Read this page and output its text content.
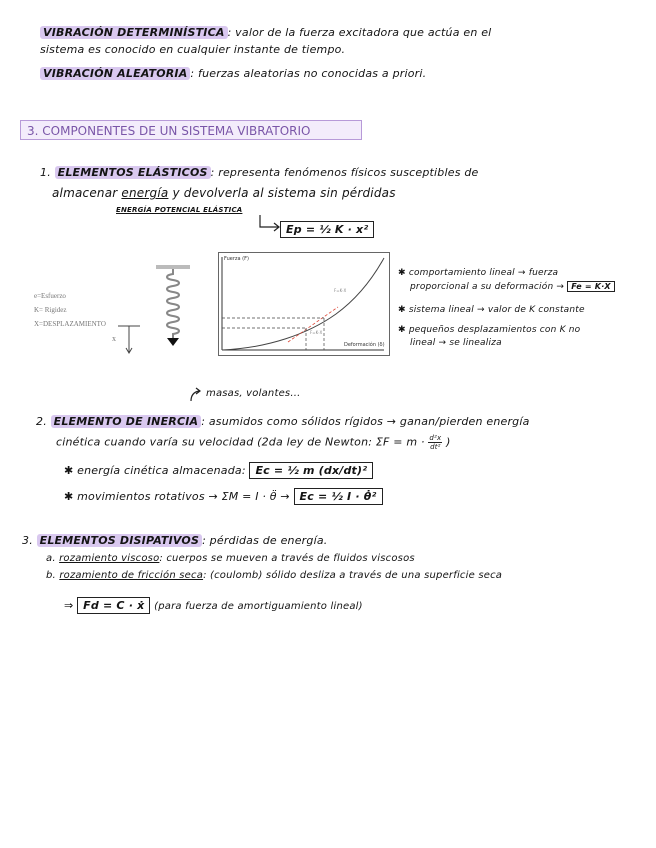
VIBRACIÓN DETERMINÍSTICA : valor de la fuerza excitadora que actúa en el
sistema es conocido en cualquier instante de tiempo.
VIBRACIÓN ALEATORIA : fuerzas aleatorias no conocidas a priori.
3. COMPONENTES DE UN SISTEMA VIBRATORIO
1. ELEMENTOS ELÁSTICOS : representa fenómenos físicos susceptibles de
almacenar energía y devolverla al sistema sin pérdidas
ENERGÍA POTENCIAL ELÁSTICA
Ep = ½ K · x²
e=Esfuerzo
K= Rigidez
X=DESPLAZAMIENTO
x
Fuerza (F)
Deformación (δ)
F=K·X
F=K·X
✱ comportamiento lineal → fuerza
proporcional a su deformación → Fe = K·X
✱ sistema lineal → valor de K constante
✱ pequeños desplazamientos con K no
lineal → se linealiza
masas, volantes...
2. ELEMENTO DE INERCIA : asumidos como sólidos rígidos → ganan/pierden energía
cinética cuando varía su velocidad (2da ley de Newton: $\Sigma F = m \cdot \frac{\text{d²x}}{\text{dt²}}$ )
✱ energía cinética almacenada: Ec = ½ m (dx/dt)²
✱ movimientos rotativos → ΣM = I · θ̈ → Ec = ½ I · θ̇²
3. ELEMENTOS DISIPATIVOS : pérdidas de energía.
a. rozamiento viscoso: cuerpos se mueven a través de fluidos viscosos
b. rozamiento de fricción seca: (coulomb) sólido desliza a través de una superficie seca
⇒ Fd = C · ẋ (para fuerza de amortiguamiento lineal)
